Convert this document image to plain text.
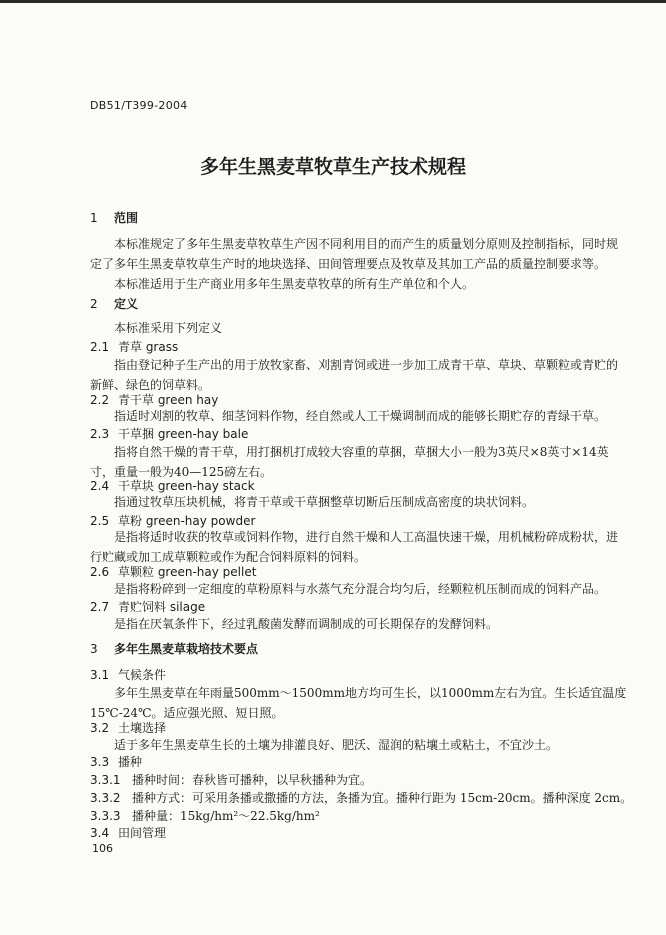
DB51/T399-2004
多年生黑麦草牧草生产技术规程
1 范围

本标准规定了多年生黑麦草牧草生产因不同利用目的而产生的质量划分原则及控制指标，同时规定了多年生黑麦草牧草生产时的地块选择、田间管理要点及牧草及其加工产品的质量控制要求等。

本标准适用于生产商业用多年生黑麦草牧草的所有生产单位和个人。

2 定义

本标准采用下列定义

2.1 青草 grass

指由登记种子生产出的用于放牧家畜、刈割青饲或进一步加工成青干草、草块、草颗粒或青贮的新鲜、绿色的饲草料。

2.2 青干草 green hay

指适时刈割的牧草、细茎饲料作物，经自然或人工干燥调制而成的能够长期贮存的青绿干草。

2.3 干草捆 green-hay bale

指将自然干燥的青干草，用打捆机打成较大容重的草捆，草捆大小一般为3英尺×8英寸×14英寸，重量一般为40—125磅左右。

2.4 干草块 green-hay stack

指通过牧草压块机械，将青干草或干草捆整草切断后压制成高密度的块状饲料。

2.5 草粉 green-hay powder

是指将适时收获的牧草或饲料作物，进行自然干燥和人工高温快速干燥，用机械粉碎成粉状，进行贮藏或加工成草颗粒或作为配合饲料原料的饲料。

2.6 草颗粒 green-hay pellet

是指将粉碎到一定细度的草粉原料与水蒸气充分混合均匀后，经颗粒机压制而成的饲料产品。

2.7 青贮饲料 silage

是指在厌氧条件下，经过乳酸菌发酵而调制成的可长期保存的发酵饲料。

3 多年生黑麦草栽培技术要点
3.1 气候条件

多年生黑麦草在年雨量500mm～1500mm地方均可生长，以1000mm左右为宜。生长适宜温度15℃-24℃。适应强光照、短日照。

3.2 土壤选择

适于多年生黑麦草生长的土壤为排灌良好、肥沃、湿润的粘壤土或粘土，不宜沙土。

3.3 播种
3.3.1 播种时间：春秋皆可播种，以早秋播种为宜。
3.3.2 播种方式：可采用条播或撒播的方法，条播为宜。播种行距为 15cm-20cm。播种深度 2cm。
3.3.3 播种量：15kg/hm²～22.5kg/hm²
3.4 田间管理
106
